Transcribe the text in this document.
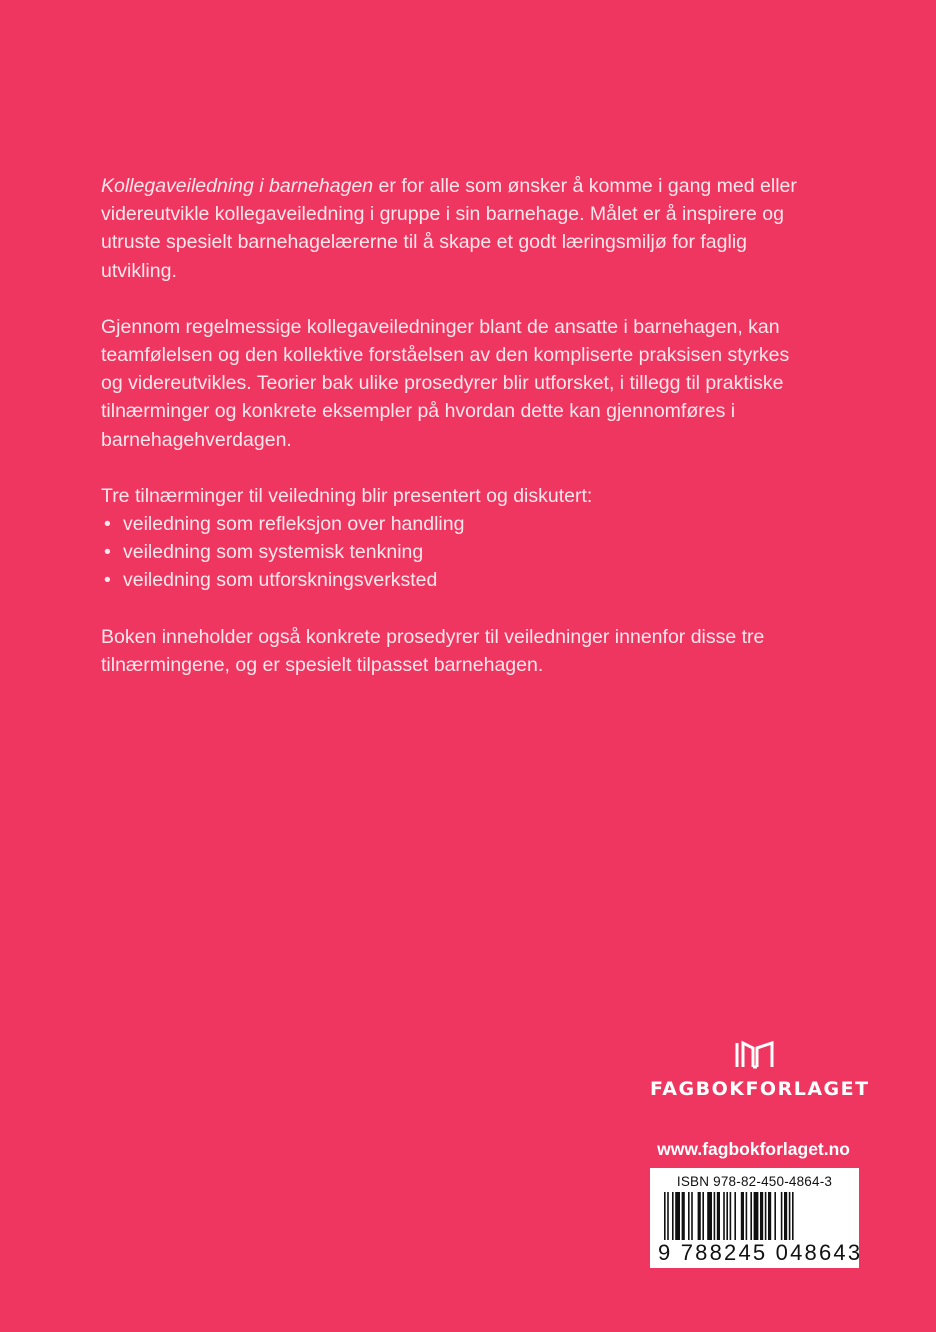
Kollegaveiledning i barnehagen er for alle som ønsker å komme i gang med eller videreutvikle kollegaveiledning i gruppe i sin barnehage. Målet er å inspirere og utruste spesielt barnehagelærerne til å skape et godt læringsmiljø for faglig utvikling.

Gjennom regelmessige kollegaveiledninger blant de ansatte i barnehagen, kan teamfølelsen og den kollektive forståelsen av den kompliserte praksisen styrkes og videreutvikles. Teorier bak ulike prosedyrer blir utforsket, i tillegg til praktiske tilnærminger og konkrete eksempler på hvordan dette kan gjennomføres i barnehagehverdagen.

Tre tilnærminger til veiledning blir presentert og diskutert:
• veiledning som refleksjon over handling
• veiledning som systemisk tenkning
• veiledning som utforskningsverksted

Boken inneholder også konkrete prosedyrer til veiledninger innenfor disse tre tilnærmingene, og er spesielt tilpasset barnehagen.

FAGBOKFORLAGET
www.fagbokforlaget.no
ISBN 978-82-450-4864-3
9 788245 048643
